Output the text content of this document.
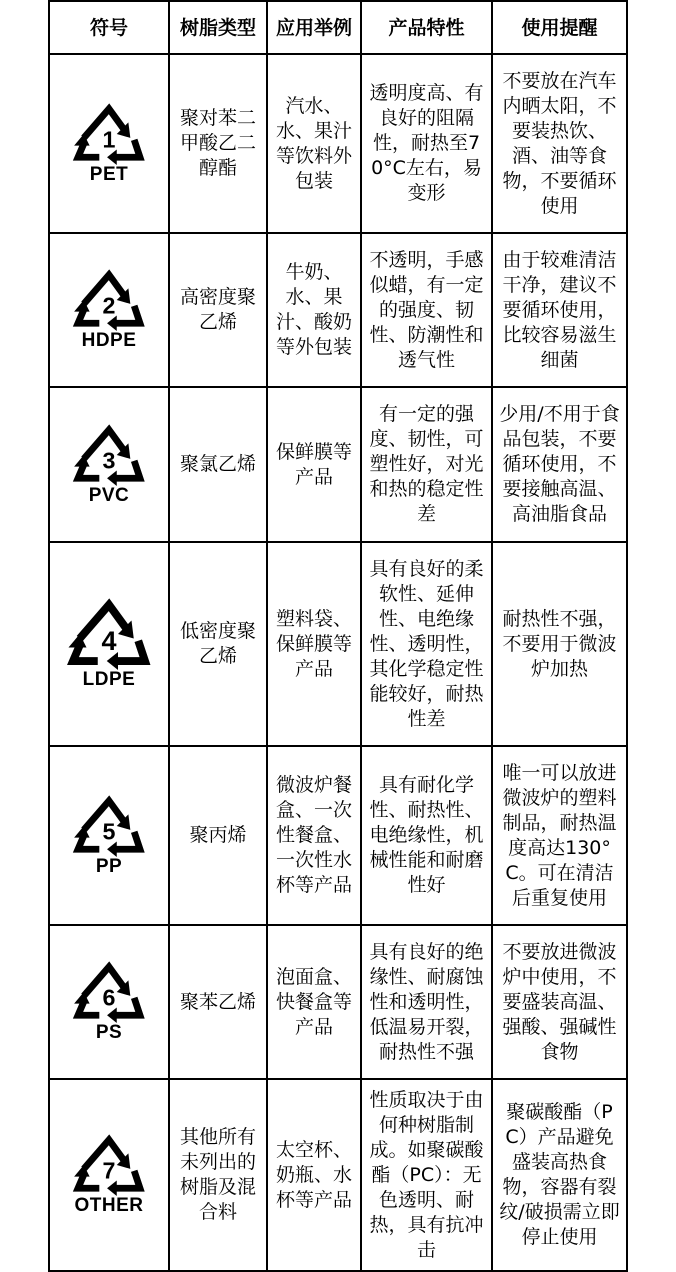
符号	树脂类型	应用举例	产品特性	使用提醒

1
PET	聚对苯二甲酸乙二醇酯	汽水、水、果汁等饮料外包装	透明度高、有良好的阻隔性，耐热至70°C左右，易变形	不要放在汽车内晒太阳，不要装热饮、酒、油等食物，不要循环使用

2
HDPE	高密度聚乙烯	牛奶、水、果汁、酸奶等外包装	不透明，手感似蜡，有一定的强度、韧性、防潮性和透气性	由于较难清洁干净，建议不要循环使用，比较容易滋生细菌

3
PVC	聚氯乙烯	保鲜膜等产品	有一定的强度、韧性，可塑性好，对光和热的稳定性差	少用/不用于食品包装，不要循环使用，不要接触高温、高油脂食品

4
LDPE	低密度聚乙烯	塑料袋、保鲜膜等产品	具有良好的柔软性、延伸性、电绝缘性、透明性，其化学稳定性能较好，耐热性差	耐热性不强，不要用于微波炉加热

5
PP	聚丙烯	微波炉餐盒、一次性餐盒、一次性水杯等产品	具有耐化学性、耐热性、电绝缘性，机械性能和耐磨性好	唯一可以放进微波炉的塑料制品，耐热温度高达130°C。可在清洁后重复使用

6
PS	聚苯乙烯	泡面盒、快餐盒等产品	具有良好的绝缘性、耐腐蚀性和透明性，低温易开裂，耐热性不强	不要放进微波炉中使用，不要盛装高温、强酸、强碱性食物

7
OTHER	其他所有未列出的树脂及混合料	太空杯、奶瓶、水杯等产品	性质取决于由何种树脂制成。如聚碳酸酯（PC）：无色透明、耐热，具有抗冲击	聚碳酸酯（PC）产品避免盛装高热食物，容器有裂纹/破损需立即停止使用
